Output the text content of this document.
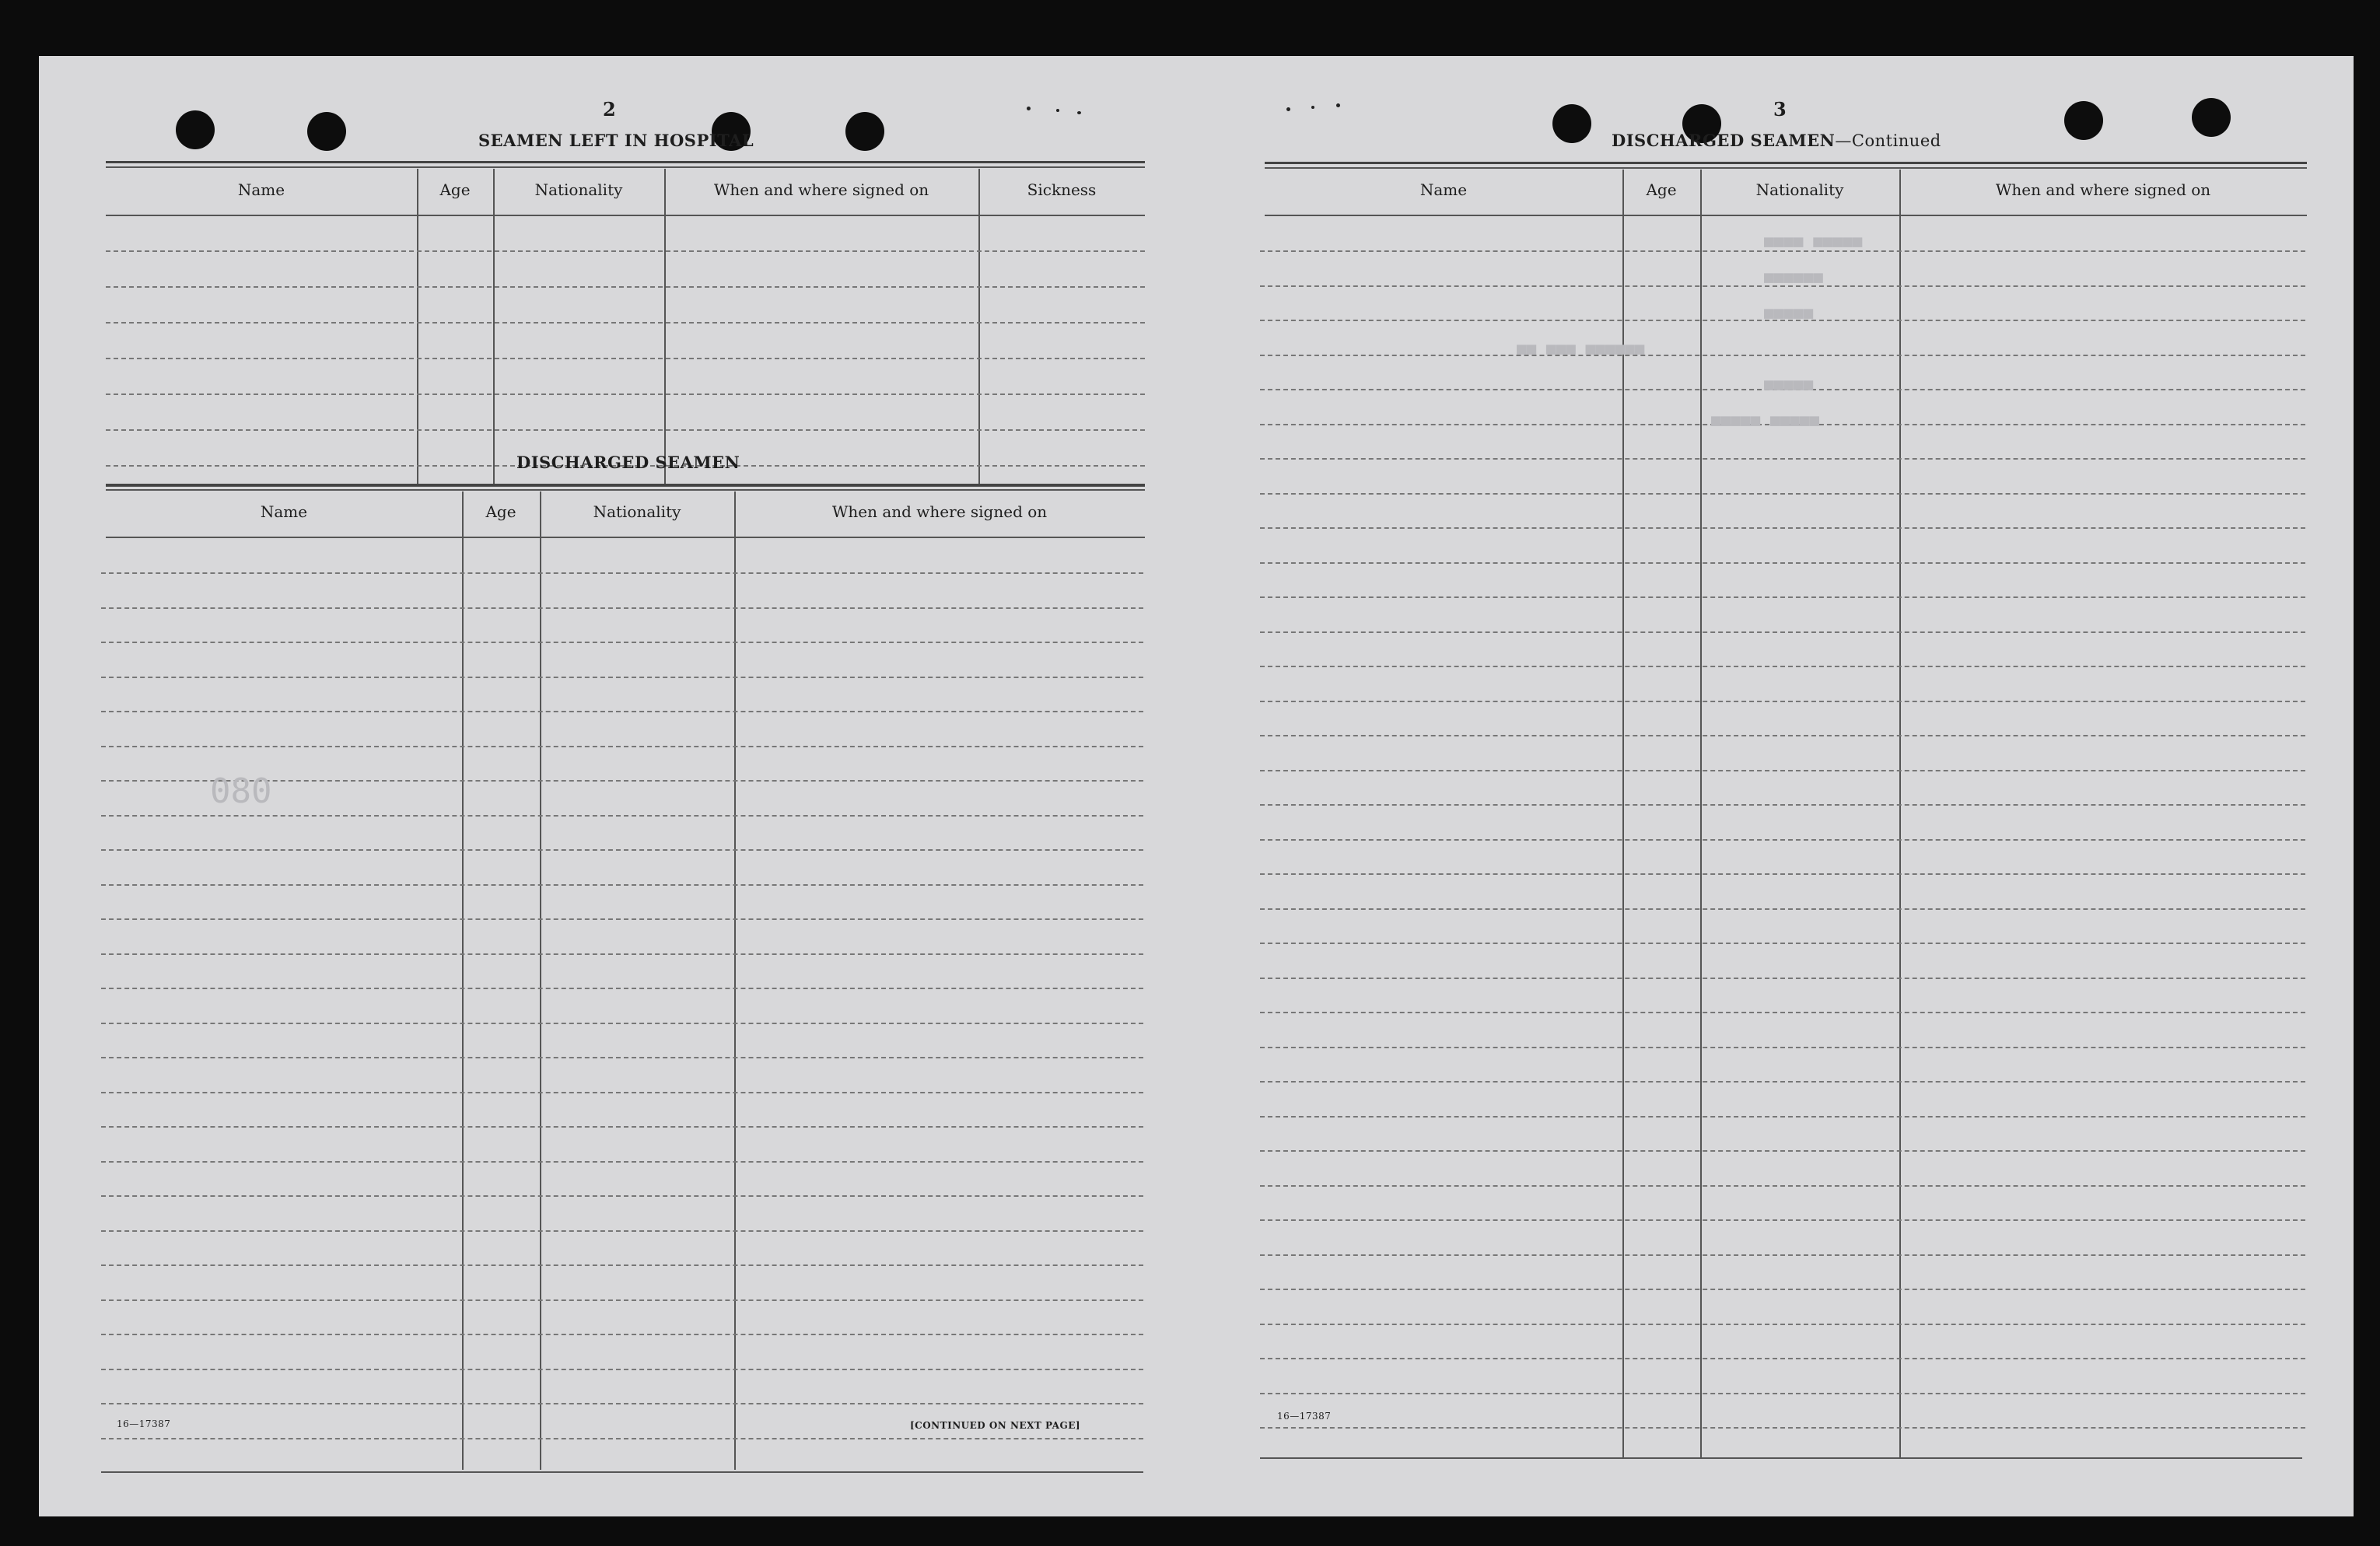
2
SEAMEN LEFT IN HOSPITAL
Name	Age	Nationality	When and where signed on	Sickness
DISCHARGED SEAMEN
Name	Age	Nationality	When and where signed on
16—17387	[CONTINUED ON NEXT PAGE]
080
3
DISCHARGED SEAMEN—Continued
Name	Age	Nationality	When and where signed on
16—17387
■■■■ ■■■■■
■■■■■■
■■■■■
■■ ■■■ ■■■■■■
■■■■■
■■■■■ ■■■■■
